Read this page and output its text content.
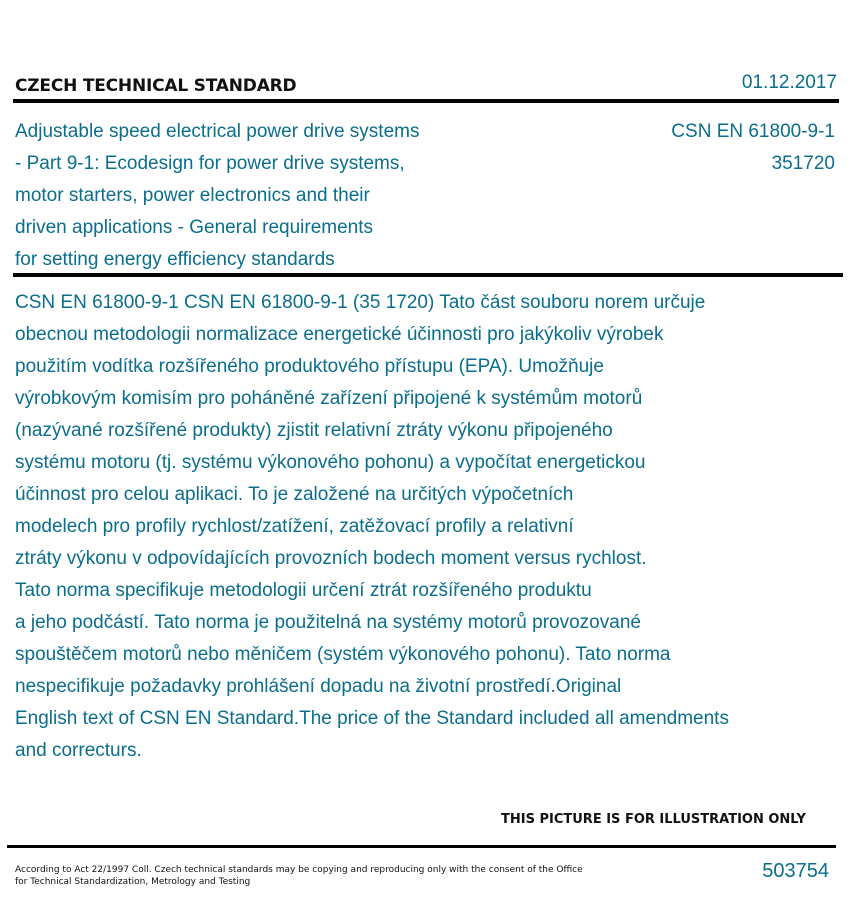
CZECH TECHNICAL STANDARD	01.12.2017
Adjustable speed electrical power drive systems
- Part 9-1: Ecodesign for power drive systems,
motor starters, power electronics and their
driven applications - General requirements
for setting energy efficiency standards
CSN EN 61800-9-1
351720
CSN EN 61800-9-1 CSN EN 61800-9-1 (35 1720) Tato část souboru norem určuje
obecnou metodologii normalizace energetické účinnosti pro jakýkoliv výrobek
použitím vodítka rozšířeného produktového přístupu (EPA). Umožňuje
výrobkovým komisím pro poháněné zařízení připojené k systémům motorů
(nazývané rozšířené produkty) zjistit relativní ztráty výkonu připojeného
systému motoru (tj. systému výkonového pohonu) a vypočítat energetickou
účinnost pro celou aplikaci. To je založené na určitých výpočetních
modelech pro profily rychlost/zatížení, zatěžovací profily a relativní
ztráty výkonu v odpovídajících provozních bodech moment versus rychlost.
Tato norma specifikuje metodologii určení ztrát rozšířeného produktu
a jeho podčástí. Tato norma je použitelná na systémy motorů provozované
spouštěčem motorů nebo měničem (systém výkonového pohonu). Tato norma
nespecifikuje požadavky prohlášení dopadu na životní prostředí.Original
English text of CSN EN Standard.The price of the Standard included all amendments
and correcturs.
THIS PICTURE IS FOR ILLUSTRATION ONLY
According to Act 22/1997 Coll. Czech technical standards may be copying and reproducing only with the consent of the Office
for Technical Standardization, Metrology and Testing	503754
